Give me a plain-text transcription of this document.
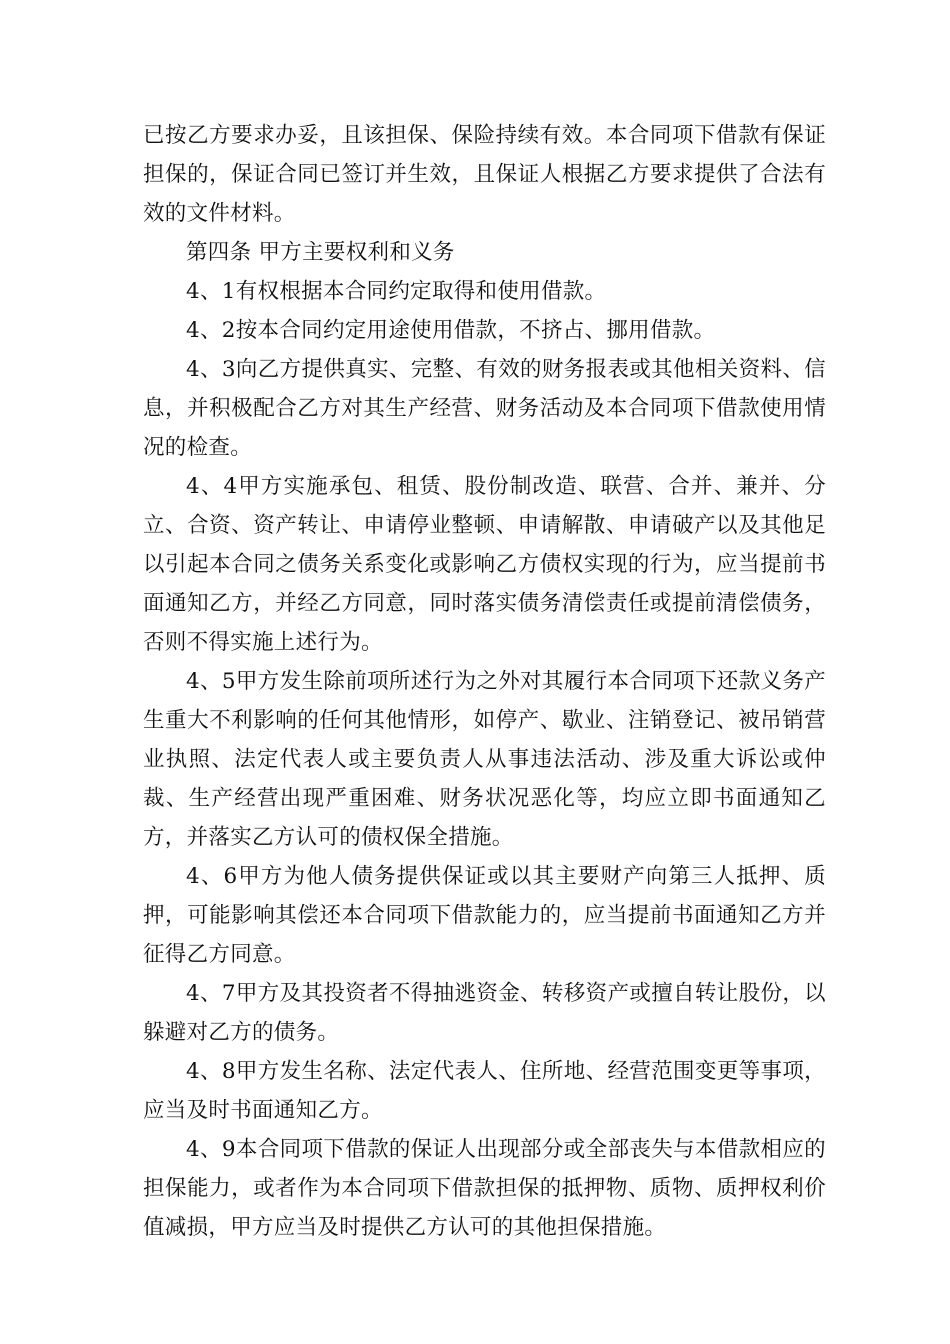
已按乙方要求办妥，且该担保、保险持续有效。本合同项下借款有保证担保的，保证合同已签订并生效，且保证人根据乙方要求提供了合法有效的文件材料。

第四条 甲方主要权利和义务

4、1有权根据本合同约定取得和使用借款。

4、2按本合同约定用途使用借款，不挤占、挪用借款。

4、3向乙方提供真实、完整、有效的财务报表或其他相关资料、信息，并积极配合乙方对其生产经营、财务活动及本合同项下借款使用情况的检查。

4、4甲方实施承包、租赁、股份制改造、联营、合并、兼并、分立、合资、资产转让、申请停业整顿、申请解散、申请破产以及其他足以引起本合同之债务关系变化或影响乙方债权实现的行为，应当提前书面通知乙方，并经乙方同意，同时落实债务清偿责任或提前清偿债务，否则不得实施上述行为。

4、5甲方发生除前项所述行为之外对其履行本合同项下还款义务产生重大不利影响的任何其他情形，如停产、歇业、注销登记、被吊销营业执照、法定代表人或主要负责人从事违法活动、涉及重大诉讼或仲裁、生产经营出现严重困难、财务状况恶化等，均应立即书面通知乙方，并落实乙方认可的债权保全措施。

4、6甲方为他人债务提供保证或以其主要财产向第三人抵押、质押，可能影响其偿还本合同项下借款能力的，应当提前书面通知乙方并征得乙方同意。

4、7甲方及其投资者不得抽逃资金、转移资产或擅自转让股份，以躲避对乙方的债务。

4、8甲方发生名称、法定代表人、住所地、经营范围变更等事项，应当及时书面通知乙方。

4、9本合同项下借款的保证人出现部分或全部丧失与本借款相应的担保能力，或者作为本合同项下借款担保的抵押物、质物、质押权利价值减损，甲方应当及时提供乙方认可的其他担保措施。
